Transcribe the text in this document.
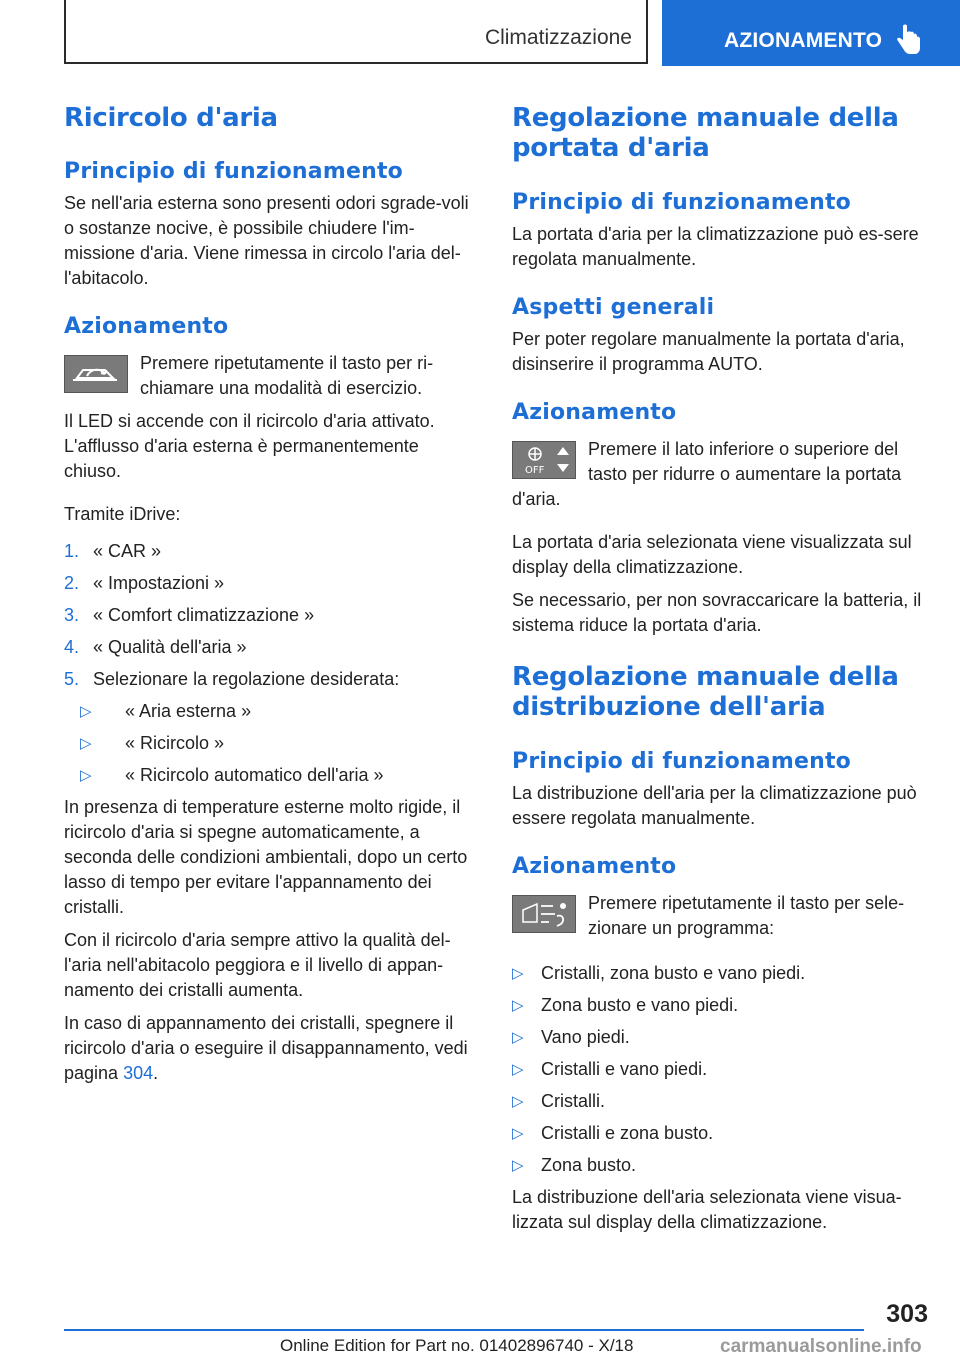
Climatizzazione	AZIONAMENTO
Ricircolo d'aria
Principio di funzionamento

Se nell'aria esterna sono presenti odori sgrade-voli o sostanze nocive, è possibile chiudere l'im-missione d'aria. Viene rimessa in circolo l'aria del-l'abitacolo.

Azionamento

Premere ripetutamente il tasto per ri-chiamare una modalità di esercizio.

Il LED si accende con il ricircolo d'aria attivato. L'afflusso d'aria esterna è permanentemente chiuso.

Tramite iDrive:

1. « CAR »
2. « Impostazioni »
3. « Comfort climatizzazione »
4. « Qualità dell'aria »
5. Selezionare la regolazione desiderata:
▷ « Aria esterna »
▷ « Ricircolo »
▷ « Ricircolo automatico dell'aria »

In presenza di temperature esterne molto rigide, il ricircolo d'aria si spegne automaticamente, a seconda delle condizioni ambientali, dopo un certo lasso di tempo per evitare l'appannamento dei cristalli.

Con il ricircolo d'aria sempre attivo la qualità del-l'aria nell'abitacolo peggiora e il livello di appan-namento dei cristalli aumenta.

In caso di appannamento dei cristalli, spegnere il ricircolo d'aria o eseguire il disappannamento, vedi pagina 304.

Regolazione manuale della portata d'aria
Principio di funzionamento

La portata d'aria per la climatizzazione può es-sere regolata manualmente.

Aspetti generali

Per poter regolare manualmente la portata d'aria, disinserire il programma AUTO.

Azionamento
OFF

Premere il lato inferiore o superiore del tasto per ridurre o aumentare la portata

d'aria.

La portata d'aria selezionata viene visualizzata sul display della climatizzazione.

Se necessario, per non sovraccaricare la batteria, il sistema riduce la portata d'aria.

Regolazione manuale della distribuzione dell'aria
Principio di funzionamento

La distribuzione dell'aria per la climatizzazione può essere regolata manualmente.

Azionamento

Premere ripetutamente il tasto per sele-zionare un programma:

▷ Cristalli, zona busto e vano piedi.
▷ Zona busto e vano piedi.
▷ Vano piedi.
▷ Cristalli e vano piedi.
▷ Cristalli.
▷ Cristalli e zona busto.
▷ Zona busto.

La distribuzione dell'aria selezionata viene visua-lizzata sul display della climatizzazione.

303
Online Edition for Part no. 01402896740 - X/18	carmanualsonline.info
